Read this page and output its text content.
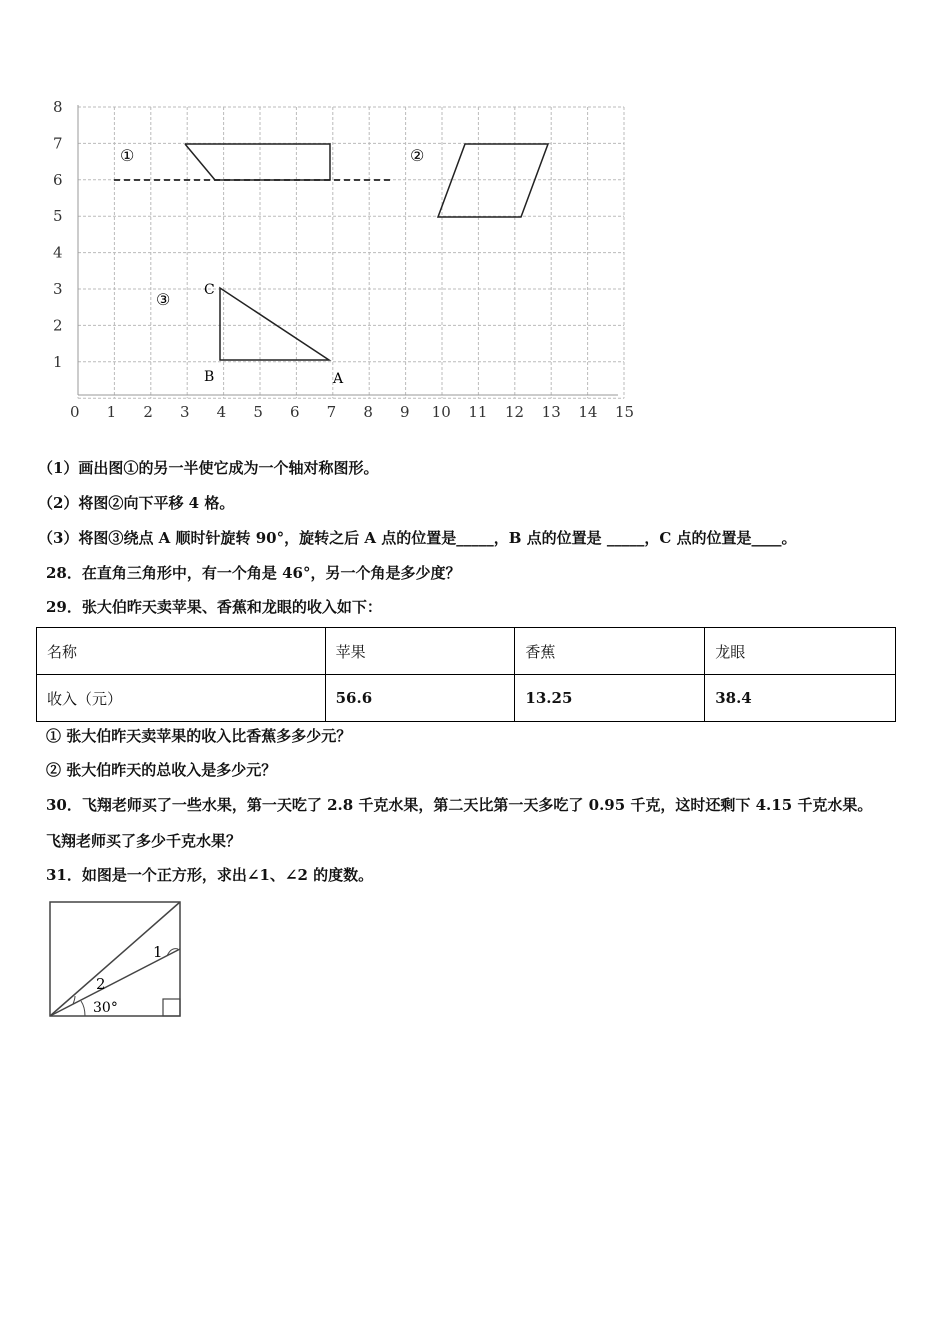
8
7
6
5
4
3
2
1
0 1 2 3 4 5 6 7 8 9 10 11 12 13 14 15
①	②
③ C
B	A
（1）画出图①的另一半使它成为一个轴对称图形。
（2）将图②向下平移 4 格。
（3）将图③绕点 A 顺时针旋转 90°，旋转之后 A 点的位置是_____，B 点的位置是 _____，C 点的位置是____。
28．在直角三角形中，有一个角是 46°，另一个角是多少度？
29．张大伯昨天卖苹果、香蕉和龙眼的收入如下：
名称	苹果	香蕉	龙眼
收入（元）	56.6	13.25	38.4
① 张大伯昨天卖苹果的收入比香蕉多多少元？
② 张大伯昨天的总收入是多少元？
30．飞翔老师买了一些水果，第一天吃了 2.8 千克水果，第二天比第一天多吃了 0.95 千克，这时还剩下 4.15 千克水果。
飞翔老师买了多少千克水果？
31．如图是一个正方形，求出∠1、∠2 的度数。
1
2
30°
